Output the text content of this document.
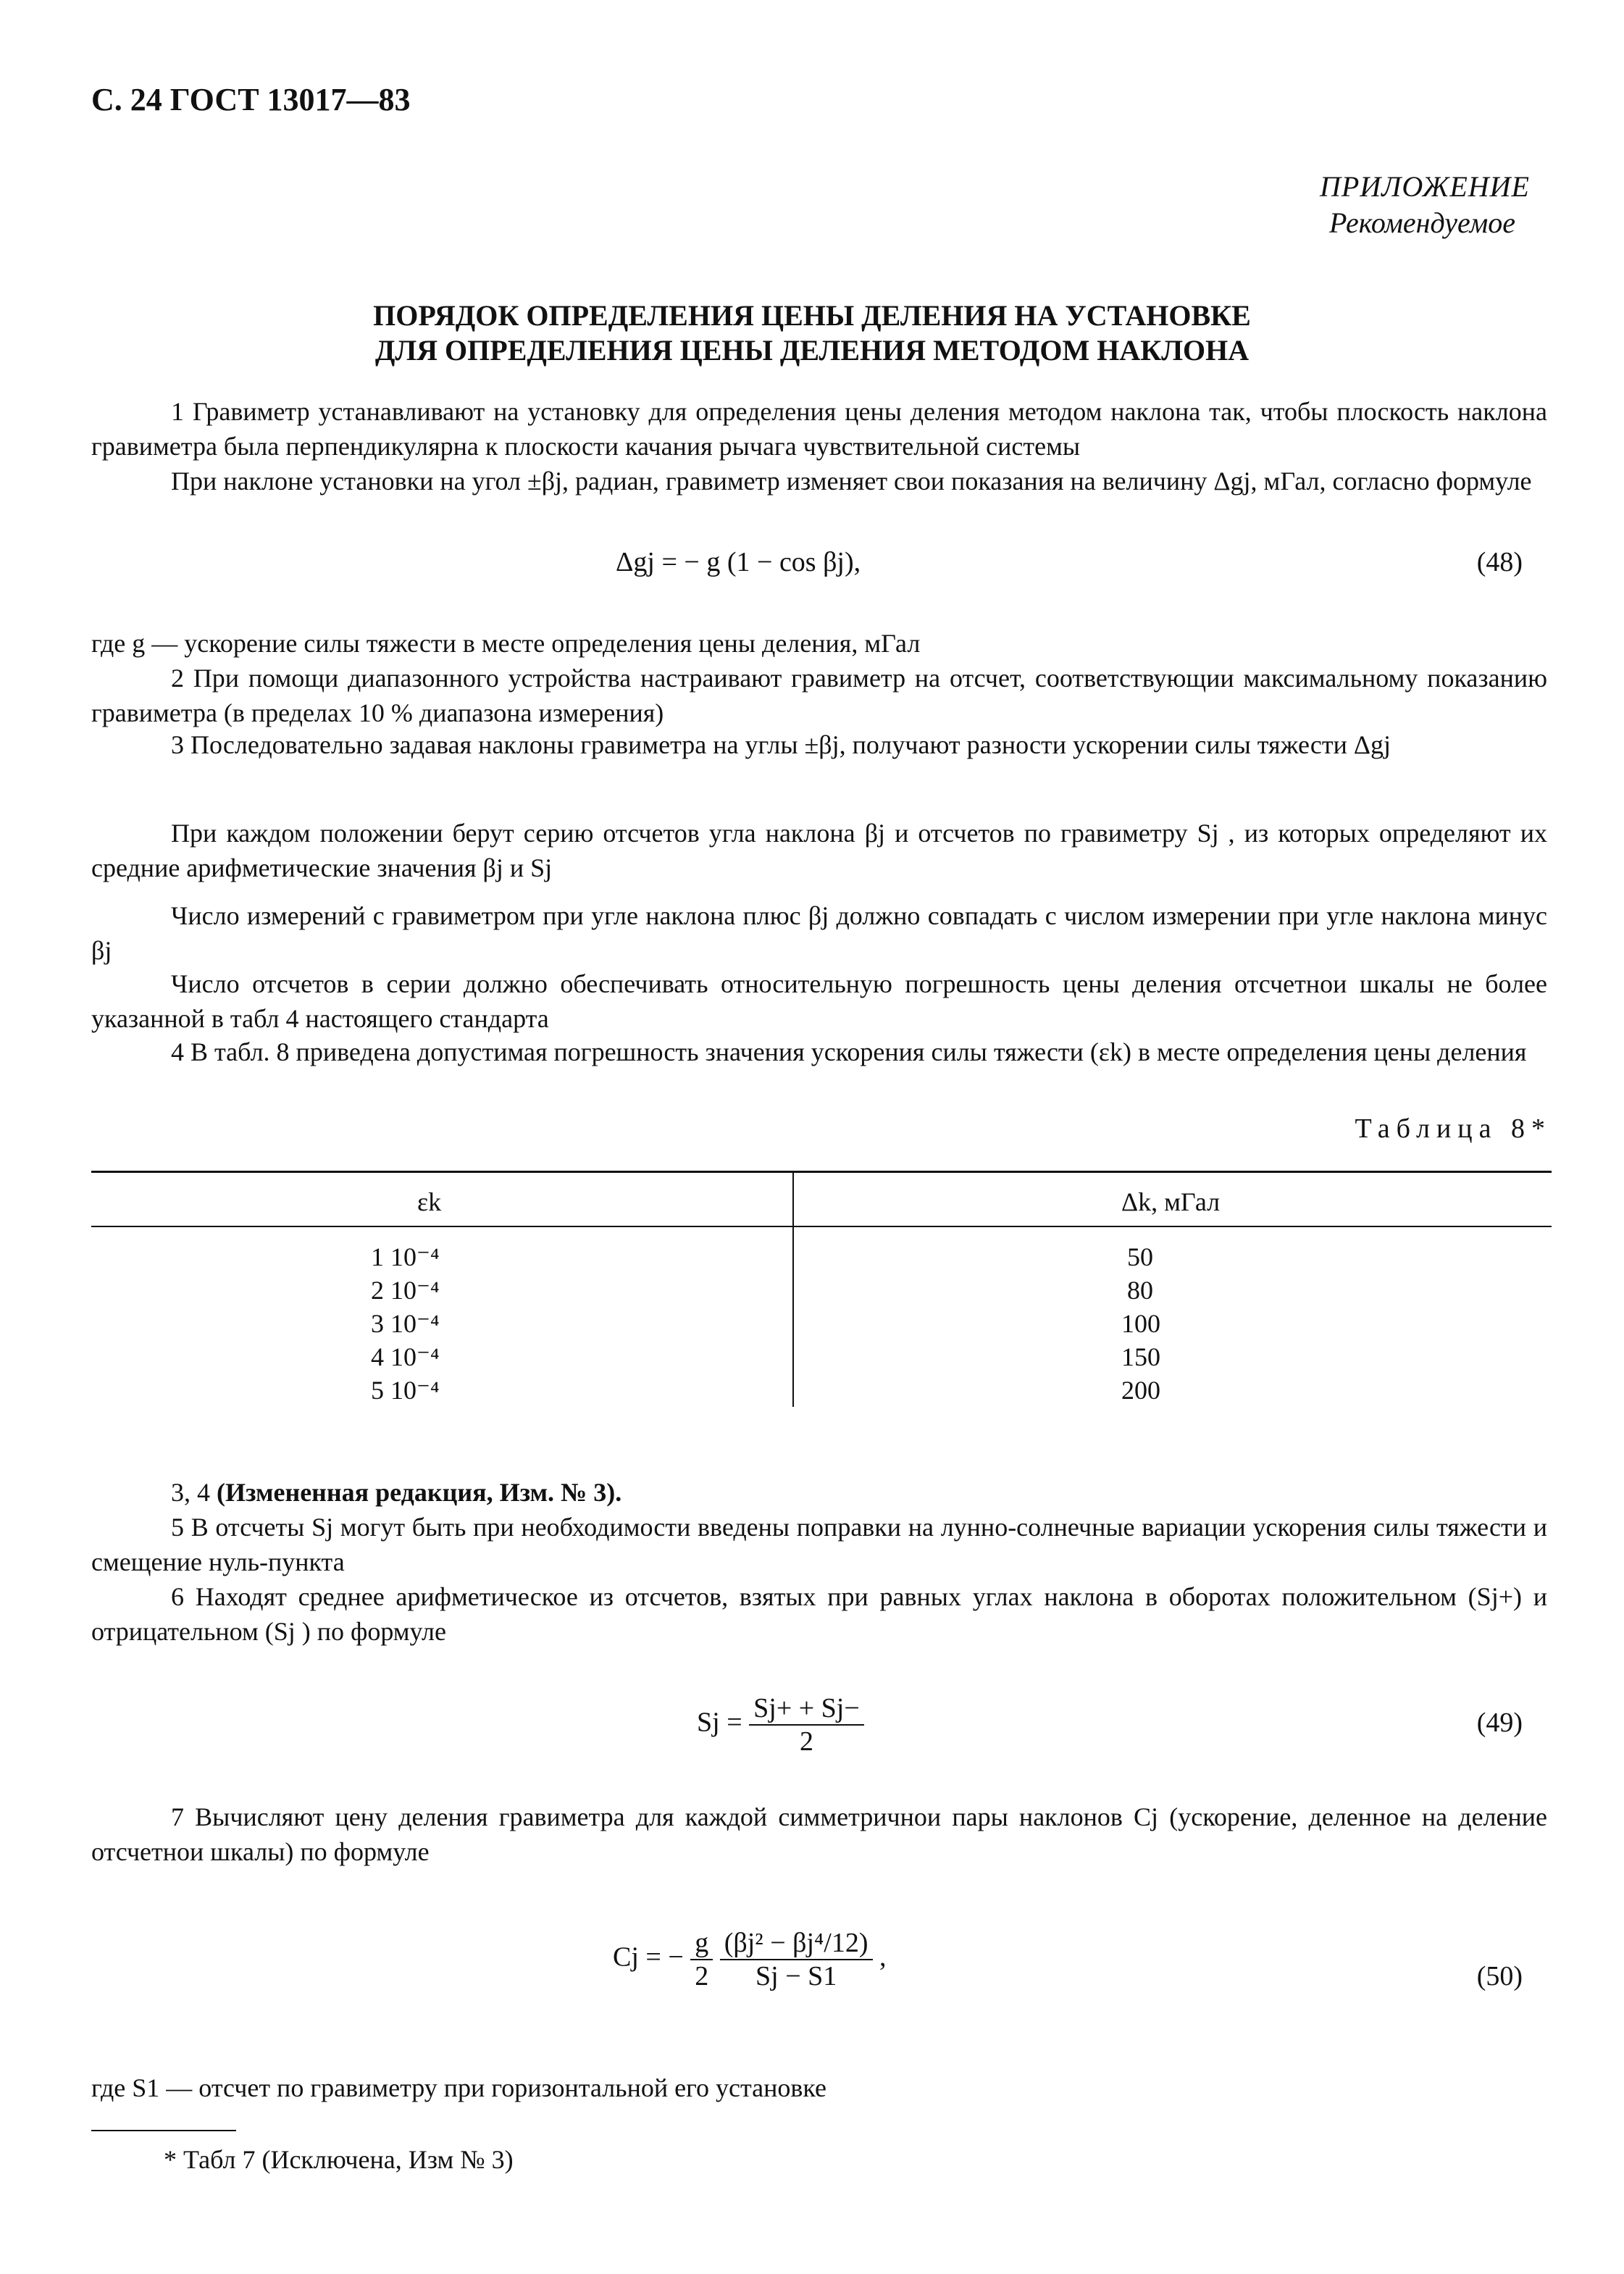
С. 24 ГОСТ 13017—83
ПРИЛОЖЕНИЕ
Рекомендуемое
ПОРЯДОК ОПРЕДЕЛЕНИЯ ЦЕНЫ ДЕЛЕНИЯ НА УСТАНОВКЕ
ДЛЯ ОПРЕДЕЛЕНИЯ ЦЕНЫ ДЕЛЕНИЯ МЕТОДОМ НАКЛОНА
1 Гравиметр устанавливают на установку для определения цены деления методом наклона так, чтобы плоскость наклона гравиметра была перпендикулярна к плоскости качания рычага чувствительной системы
При наклоне установки на угол ±βj, радиан, гравиметр изменяет свои показания на величину Δgj, мГал, согласно формуле
Δgj = − g (1 − cos βj),	(48)
где g — ускорение силы тяжести в месте определения цены деления, мГал
2 При помощи диапазонного устройства настраивают гравиметр на отсчет, соответствующии максимальному показанию гравиметра (в пределах 10 % диапазона измерения)
3 Последовательно задавая наклоны гравиметра на углы ±βj, получают разности ускорении силы тяжести Δgj
При каждом положении берут серию отсчетов угла наклона βj и отсчетов по гравиметру Sj , из которых определяют их средние арифметические значения βj и Sj
Число измерений с гравиметром при угле наклона плюс βj должно совпадать с числом измерении при угле наклона минус βj
Число отсчетов в серии должно обеспечивать относительную погрешность цены деления отсчетнои шкалы не более указанной в табл 4 настоящего стандарта
4 В табл. 8 приведена допустимая погрешность значения ускорения силы тяжести (εk) в месте определения цены деления
Таблица 8*
εk	Δk, мГал
1 10⁻⁴	50
2 10⁻⁴	80
3 10⁻⁴	100
4 10⁻⁴	150
5 10⁻⁴	200
3, 4 (Измененная редакция, Изм. № 3).
5 В отсчеты Sj могут быть при необходимости введены поправки на лунно-солнечные вариации ускорения силы тяжести и смещение нуль-пункта
6 Находят среднее арифметическое из отсчетов, взятых при равных углах наклона в оборотах положительном (Sj+) и отрицательном (Sj ) по формуле
$Sj = \frac{Sj+ + Sj-}{2}$	(49)
7 Вычисляют цену деления гравиметра для каждой симметричнои пары наклонов Cj (ускорение, деленное на деление отсчетнои шкалы) по формуле
Cj = − $\frac{g}{2}$
$\frac{\text{(βj² − βj⁴/12)}}{Sj - S1}$ ,
(50)
где S1 — отсчет по гравиметру при горизонтальной его установке
* Табл 7 (Исключена, Изм № 3)
